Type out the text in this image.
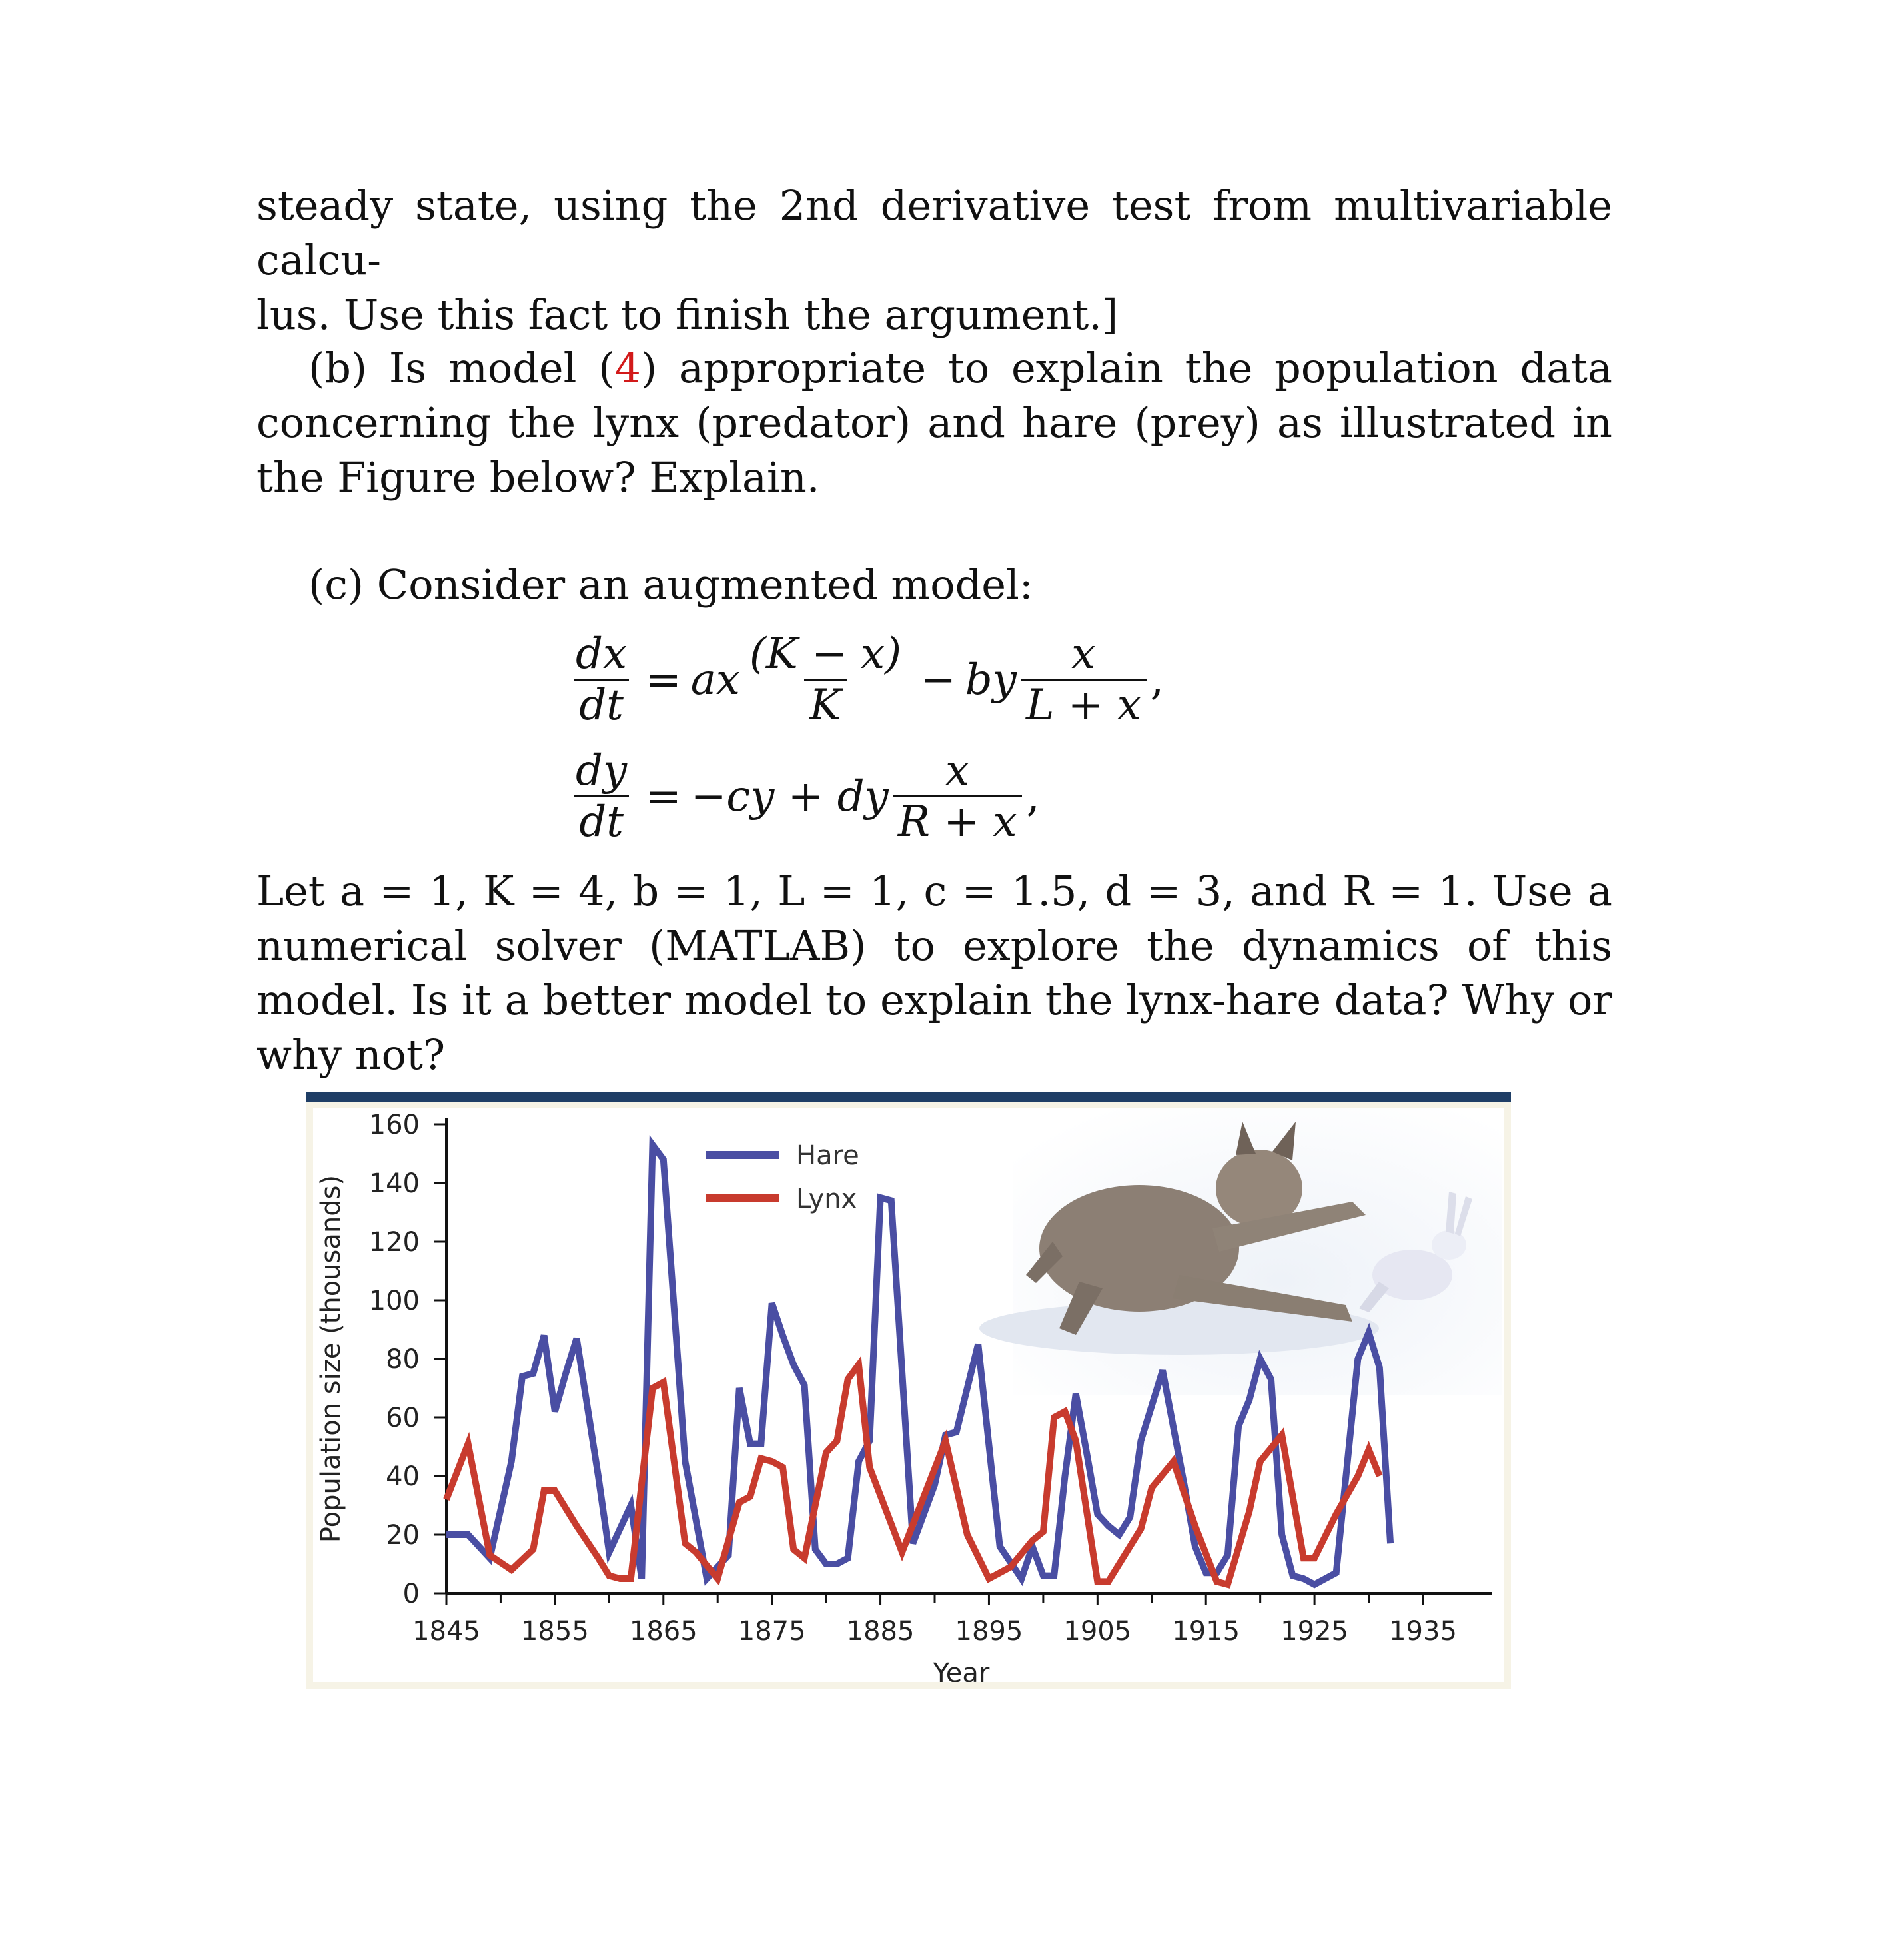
steady state, using the 2nd derivative test from multivariable calcu-

lus. Use this fact to finish the argument.]

(b) Is model (4) appropriate to explain the population data concerning the lynx (predator) and hare (prey) as illustrated in the Figure below? Explain.

(c) Consider an augmented model:

$\frac{dx}{dt}$ = ax $\frac{(K - x)}{K}$ − by $\frac{x}{L + x}$ ,
$\frac{dy}{dt} = -cy$ + dy $\frac{x}{R + x}$ ,

Let a = 1, K = 4, b = 1, L = 1, c = 1.5, d = 3, and R = 1. Use a numerical solver (MATLAB) to explore the dynamics of this model. Is it a better model to explain the lynx-hare data? Why or why not?

0
20
40
60
80
100
120
140
160
1845 1855 1865 1875 1885 1895 1905 1915 1925 1935
Year
Population size (thousands)
Hare
Lynx
